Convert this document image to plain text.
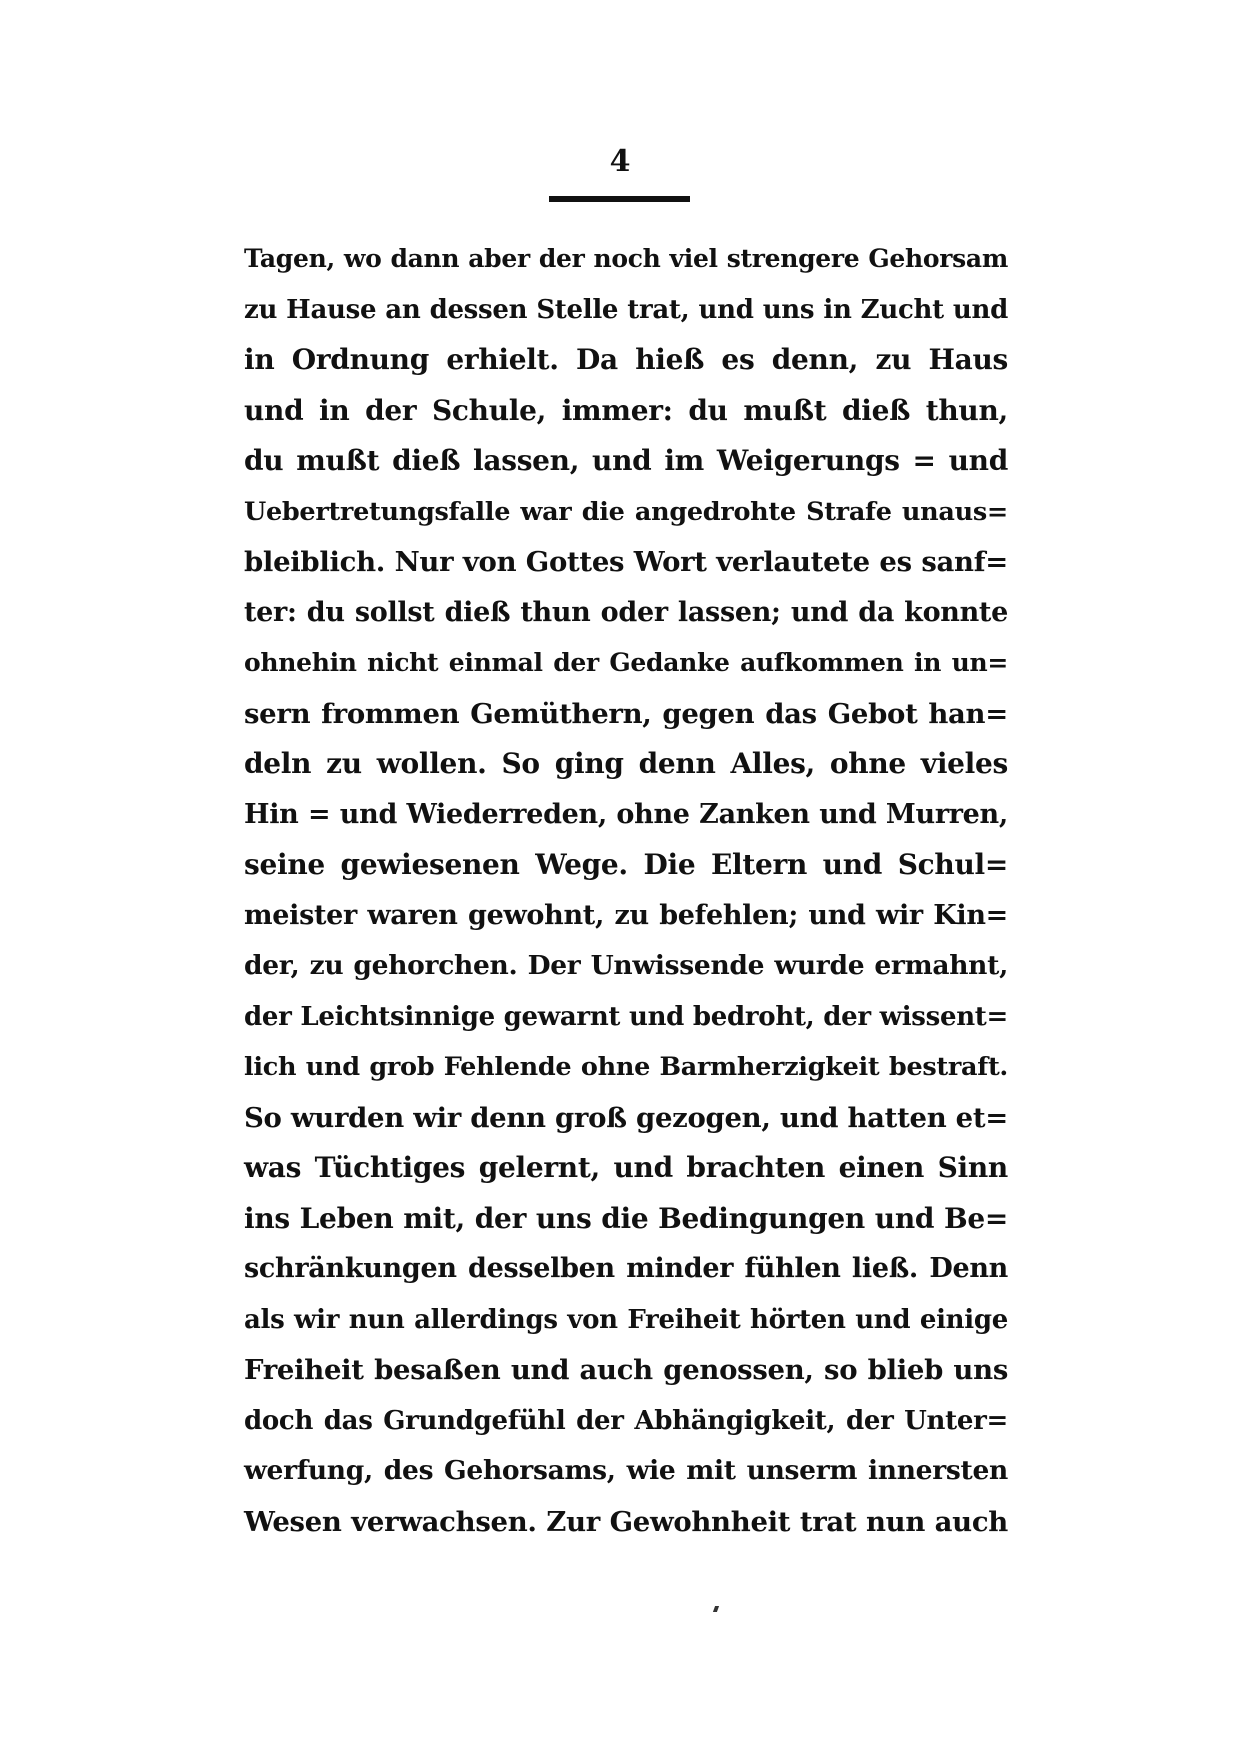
4
Tagen, wo dann aber der noch viel strengere Gehorsam
zu Hause an dessen Stelle trat, und uns in Zucht und
in Ordnung erhielt. Da hieß es denn, zu Haus
und in der Schule, immer: du mußt dieß thun,
du mußt dieß lassen, und im Weigerungs = und
Uebertretungsfalle war die angedrohte Strafe unaus=
bleiblich. Nur von Gottes Wort verlautete es sanf=
ter: du sollst dieß thun oder lassen; und da konnte
ohnehin nicht einmal der Gedanke aufkommen in un=
sern frommen Gemüthern, gegen das Gebot han=
deln zu wollen. So ging denn Alles, ohne vieles
Hin = und Wiederreden, ohne Zanken und Murren,
seine gewiesenen Wege. Die Eltern und Schul=
meister waren gewohnt, zu befehlen; und wir Kin=
der, zu gehorchen. Der Unwissende wurde ermahnt,
der Leichtsinnige gewarnt und bedroht, der wissent=
lich und grob Fehlende ohne Barmherzigkeit bestraft.
So wurden wir denn groß gezogen, und hatten et=
was Tüchtiges gelernt, und brachten einen Sinn
ins Leben mit, der uns die Bedingungen und Be=
schränkungen desselben minder fühlen ließ. Denn
als wir nun allerdings von Freiheit hörten und einige
Freiheit besaßen und auch genossen, so blieb uns
doch das Grundgefühl der Abhängigkeit, der Unter=
werfung, des Gehorsams, wie mit unserm innersten
Wesen verwachsen. Zur Gewohnheit trat nun auch
